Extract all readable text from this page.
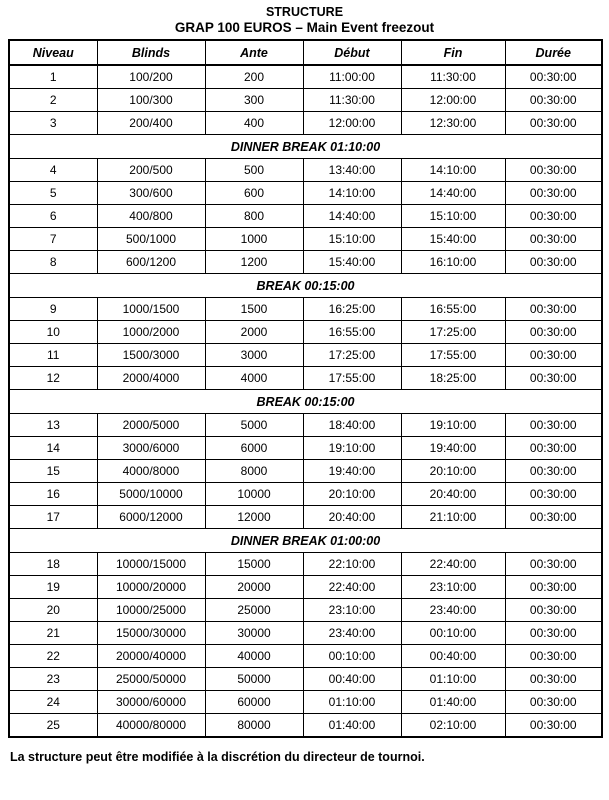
STRUCTURE
GRAP 100 EUROS – Main Event freezout
Niveau	Blinds	Ante	Début	Fin	Durée
1	100/200	200	11:00:00	11:30:00	00:30:00
2	100/300	300	11:30:00	12:00:00	00:30:00
3	200/400	400	12:00:00	12:30:00	00:30:00
DINNER BREAK 01:10:00					
4	200/500	500	13:40:00	14:10:00	00:30:00
5	300/600	600	14:10:00	14:40:00	00:30:00
6	400/800	800	14:40:00	15:10:00	00:30:00
7	500/1000	1000	15:10:00	15:40:00	00:30:00
8	600/1200	1200	15:40:00	16:10:00	00:30:00
BREAK 00:15:00					
9	1000/1500	1500	16:25:00	16:55:00	00:30:00
10	1000/2000	2000	16:55:00	17:25:00	00:30:00
11	1500/3000	3000	17:25:00	17:55:00	00:30:00
12	2000/4000	4000	17:55:00	18:25:00	00:30:00
BREAK 00:15:00					
13	2000/5000	5000	18:40:00	19:10:00	00:30:00
14	3000/6000	6000	19:10:00	19:40:00	00:30:00
15	4000/8000	8000	19:40:00	20:10:00	00:30:00
16	5000/10000	10000	20:10:00	20:40:00	00:30:00
17	6000/12000	12000	20:40:00	21:10:00	00:30:00
DINNER BREAK 01:00:00					
18	10000/15000	15000	22:10:00	22:40:00	00:30:00
19	10000/20000	20000	22:40:00	23:10:00	00:30:00
20	10000/25000	25000	23:10:00	23:40:00	00:30:00
21	15000/30000	30000	23:40:00	00:10:00	00:30:00
22	20000/40000	40000	00:10:00	00:40:00	00:30:00
23	25000/50000	50000	00:40:00	01:10:00	00:30:00
24	30000/60000	60000	01:10:00	01:40:00	00:30:00
25	40000/80000	80000	01:40:00	02:10:00	00:30:00
La structure peut être modifiée à la discrétion du directeur de tournoi.
